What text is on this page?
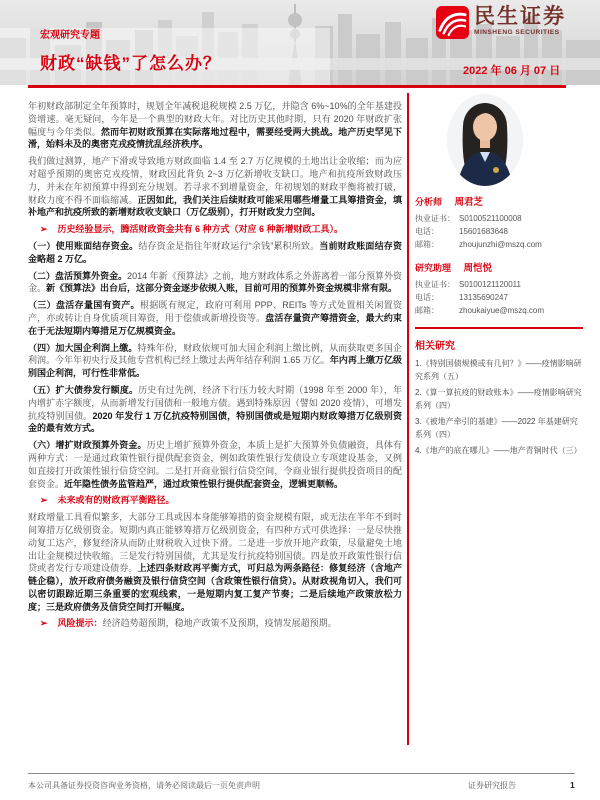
民生证券
MINSHENG SECURITIES
宏观研究专题
财政“缺钱”了怎么办？	2022 年 06 月 07 日

年初财政部制定全年预算时，规划全年减税退税规模 2.5 万亿，并隐含 6%~10%的全年基建投资增速。毫无疑问，今年是一个典型的财政大年。对比历史其他时期，只有 2020 年财政扩张幅度与今年类似。然而年初财政预算在实际落地过程中，需要经受两大挑战。地产历史罕见下滑，始料未及的奥密克戎疫情扰乱经济秩序。

我们做过测算，地产下滑或导致地方财政面临 1.4 至 2.7 万亿规模的土地出让金收缩；而为应对超乎预期的奥密克戎疫情，财政因此背负 2~3 万亿新增收支缺口。地产和抗疫所致财政压力，并未在年初预算中得到充分规划。若寻求不到增量资金，年初规划的财政平衡将被打破，财政力度不得不面临缩减。正因如此，我们关注后续财政可能采用哪些增量工具筹措资金，填补地产和抗疫所致的新增财政收支缺口（万亿级别），打开财政发力空间。

➢ 历史经验显示，腾活财政资金共有 6 种方式（对应 6 种新增财政工具）。

（一）使用账面结存资金。结存资金是指往年财政运行“余钱”累积所致。当前财政账面结存资金略超 2 万亿。

（二）盘活预算外资金。2014 年新《预算法》之前，地方财政体系之外游离着一部分预算外资金。新《预算法》出台后，这部分资金逐步依规入账，目前可用的预算外资金规模非常有限。

（三）盘活存量国有资产。根据既有规定，政府可利用 PPP、REITs 等方式处置相关闲置资产，亦或转让自身优质项目筹资，用于偿债或新增投资等。盘活存量资产筹措资金，最大约束在于无法短期内筹措足万亿规模资金。

（四）加大国企利润上缴。特殊年份，财政依规可加大国企利润上缴比例，从而获取更多国企利润。今年年初央行及其他专营机构已经上缴过去两年结存利润 1.65 万亿。年内再上缴万亿级别国企利润，可行性非常低。

（五）扩大债券发行额度。历史有过先例，经济下行压力较大时期（1998 年至 2000 年），年内增扩赤字额度，从而新增发行国债和一般地方债。遇到特殊原因（譬如 2020 疫情），可增发抗疫特别国债。2020 年发行 1 万亿抗疫特别国债，特别国债或是短期内财政筹措万亿级别资金的最有效方式。

（六）增扩财政预算外资金。历史上增扩预算外资金，本质上是扩大预算外负债融资，具体有两种方式：一是通过政策性银行提供配套资金，例如政策性银行发债设立专项建设基金，又例如直接打开政策性银行信贷空间。二是打开商业银行信贷空间，令商业银行提供投资项目的配套资金。近年隐性债务监管趋严，通过政策性银行提供配套资金，逻辑更顺畅。

➢ 未来或有的财政再平衡路径。

财政增量工具看似繁多，大部分工具或因本身能够筹措的资金规模有限，或无法在半年不到时间筹措万亿级别资金。短期内真正能够筹措万亿级别资金，有四种方式可供选择：一是尽快推动复工达产，修复经济从而防止财税收入过快下滑。二是进一步放开地产政策，尽量避免土地出让金规模过快收缩。三是发行特别国债，尤其是发行抗疫特别国债。四是放开政策性银行信贷或者发行专项建设债券。上述四条财政再平衡方式，可归总为两条路径：修复经济（含地产链企稳），放开政府债务融资及银行信贷空间（含政策性银行信贷）。从财政视角切入，我们可以密切跟踪近期三条重要的宏观线索，一是短期内复工复产节奏；二是后续地产政策放松力度；三是政府债务及信贷空间打开幅度。

➢ 风险提示：经济趋势超预期，稳地产政策不及预期，疫情发展超预期。

分析师 周君芝
执业证书： S0100521100008
电话：	15601683648
邮箱：	zhoujunzhi@mszq.com
研究助理 周恺悦
执业证书： S0100121120011
电话：	13135690247
邮箱：	zhoukaiyue@mszq.com
相关研究
1.《特别国债规模或有几何？》——疫情影响研究系列（五）
2.《算一算抗疫的财政账本》——疫情影响研究系列（四）
3.《被地产牵引的基建》——2022 年基建研究系列（四）
4.《地产的底在哪儿》——地产青铜时代（三）
本公司具备证券投资咨询业务资格，请务必阅读最后一页免责声明	证券研究报告	1
